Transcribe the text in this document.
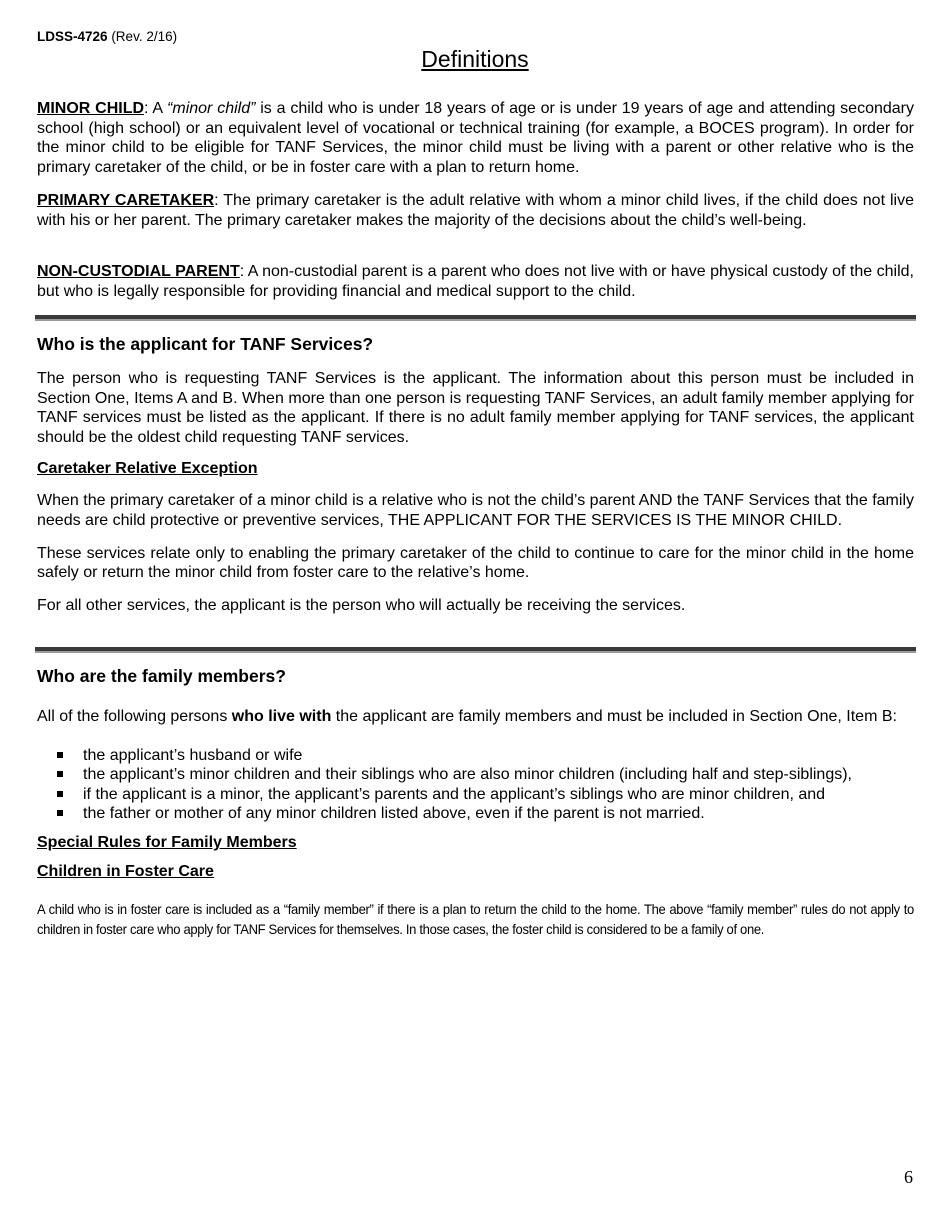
LDSS-4726 (Rev. 2/16)
Definitions

MINOR CHILD: A “minor child” is a child who is under 18 years of age or is under 19 years of age and attending secondary school (high school) or an equivalent level of vocational or technical training (for example, a BOCES program). In order for the minor child to be eligible for TANF Services, the minor child must be living with a parent or other relative who is the primary caretaker of the child, or be in foster care with a plan to return home.

PRIMARY CARETAKER: The primary caretaker is the adult relative with whom a minor child lives, if the child does not live with his or her parent. The primary caretaker makes the majority of the decisions about the child’s well-being.

NON-CUSTODIAL PARENT: A non-custodial parent is a parent who does not live with or have physical custody of the child, but who is legally responsible for providing financial and medical support to the child.

Who is the applicant for TANF Services?

The person who is requesting TANF Services is the applicant. The information about this person must be included in Section One, Items A and B. When more than one person is requesting TANF Services, an adult family member applying for TANF services must be listed as the applicant. If there is no adult family member applying for TANF services, the applicant should be the oldest child requesting TANF services.

Caretaker Relative Exception

When the primary caretaker of a minor child is a relative who is not the child’s parent AND the TANF Services that the family needs are child protective or preventive services, THE APPLICANT FOR THE SERVICES IS THE MINOR CHILD.

These services relate only to enabling the primary caretaker of the child to continue to care for the minor child in the home safely or return the minor child from foster care to the relative’s home.

For all other services, the applicant is the person who will actually be receiving the services.

Who are the family members?

All of the following persons who live with the applicant are family members and must be included in Section One, Item B:

the applicant’s husband or wife
the applicant’s minor children and their siblings who are also minor children (including half and step-siblings),
if the applicant is a minor, the applicant’s parents and the applicant’s siblings who are minor children, and
the father or mother of any minor children listed above, even if the parent is not married.
Special Rules for Family Members
Children in Foster Care

A child who is in foster care is included as a “family member” if there is a plan to return the child to the home. The above “family member” rules do not apply to children in foster care who apply for TANF Services for themselves. In those cases, the foster child is considered to be a family of one.

6
